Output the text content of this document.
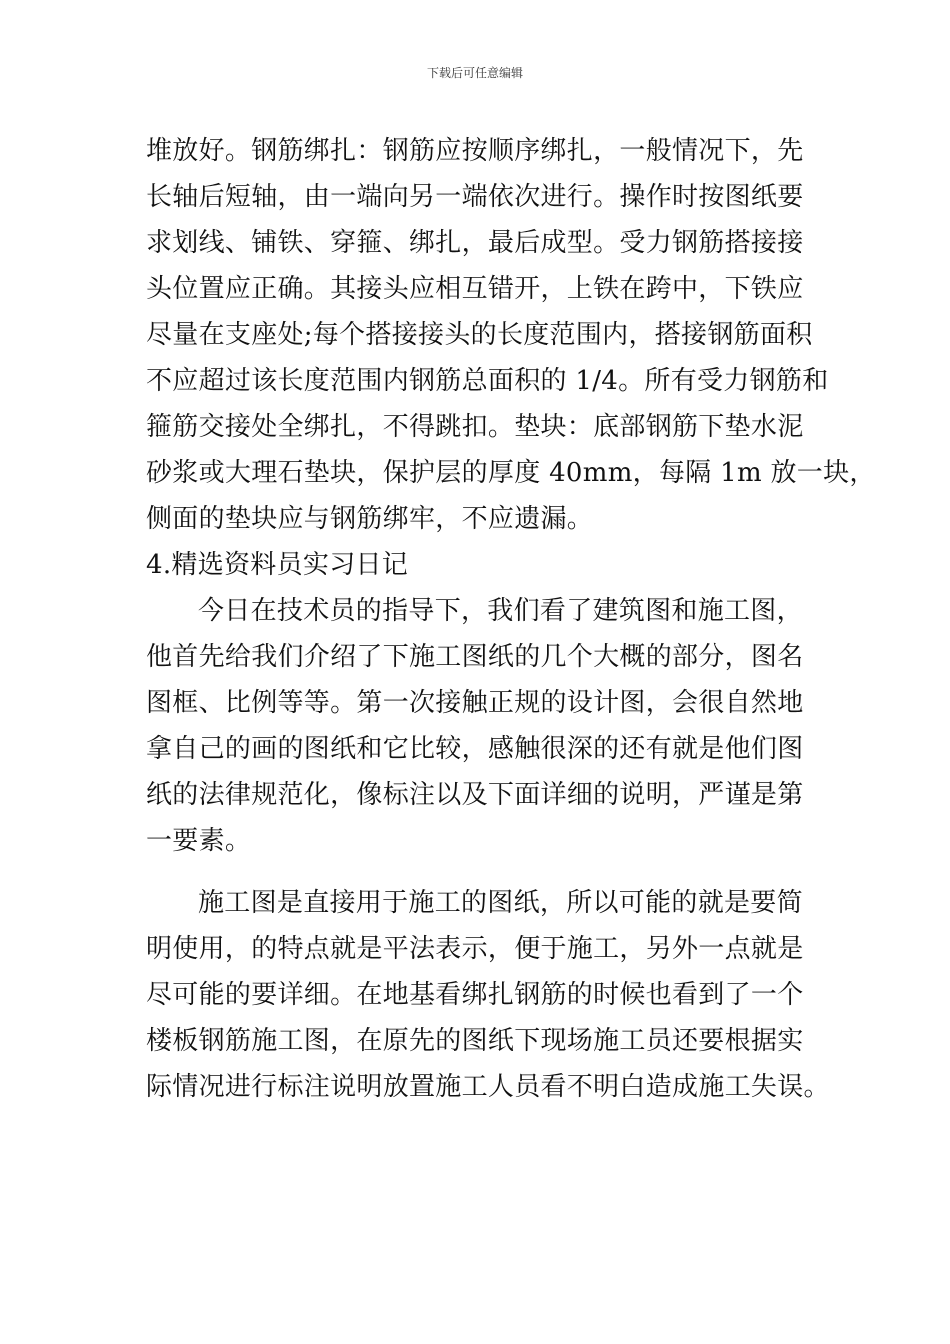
下载后可任意编辑
堆放好。钢筋绑扎：钢筋应按顺序绑扎，一般情况下，先
长轴后短轴，由一端向另一端依次进行。操作时按图纸要
求划线、铺铁、穿箍、绑扎，最后成型。受力钢筋搭接接
头位置应正确。其接头应相互错开，上铁在跨中，下铁应
尽量在支座处;每个搭接接头的长度范围内，搭接钢筋面积
不应超过该长度范围内钢筋总面积的 1/4。所有受力钢筋和
箍筋交接处全绑扎，不得跳扣。垫块：底部钢筋下垫水泥
砂浆或大理石垫块，保护层的厚度 40mm，每隔 1m 放一块，
侧面的垫块应与钢筋绑牢，不应遗漏。
4.精选资料员实习日记
今日在技术员的指导下，我们看了建筑图和施工图，
他首先给我们介绍了下施工图纸的几个大概的部分，图名
图框、比例等等。第一次接触正规的设计图，会很自然地
拿自己的画的图纸和它比较，感触很深的还有就是他们图
纸的法律规范化，像标注以及下面详细的说明，严谨是第
一要素。
施工图是直接用于施工的图纸，所以可能的就是要简
明使用，的特点就是平法表示，便于施工，另外一点就是
尽可能的要详细。在地基看绑扎钢筋的时候也看到了一个
楼板钢筋施工图，在原先的图纸下现场施工员还要根据实
际情况进行标注说明放置施工人员看不明白造成施工失误。
